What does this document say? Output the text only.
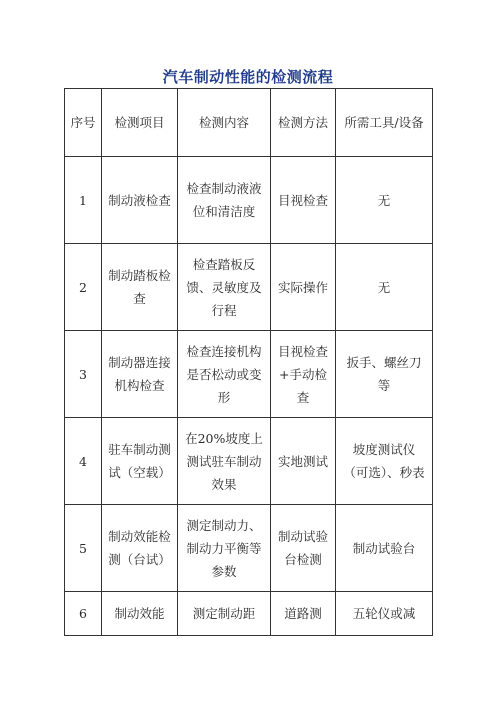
汽车制动性能的检测流程
序号	检测项目	检测内容	检测方法	所需工具/设备
1	制动液检查	检查制动液液位和清洁度	目视检查	无
2	制动踏板检查	检查踏板反馈、灵敏度及行程	实际操作	无
3	制动器连接机构检查	检查连接机构是否松动或变形	目视检查+手动检查	扳手、螺丝刀等
4	驻车制动测试（空载）	在20%坡度上测试驻车制动效果	实地测试	坡度测试仪（可选）、秒表
5	制动效能检测（台试）	测定制动力、制动力平衡等参数	制动试验台检测	制动试验台
6	制动效能	测定制动距	道路测	五轮仪或减
